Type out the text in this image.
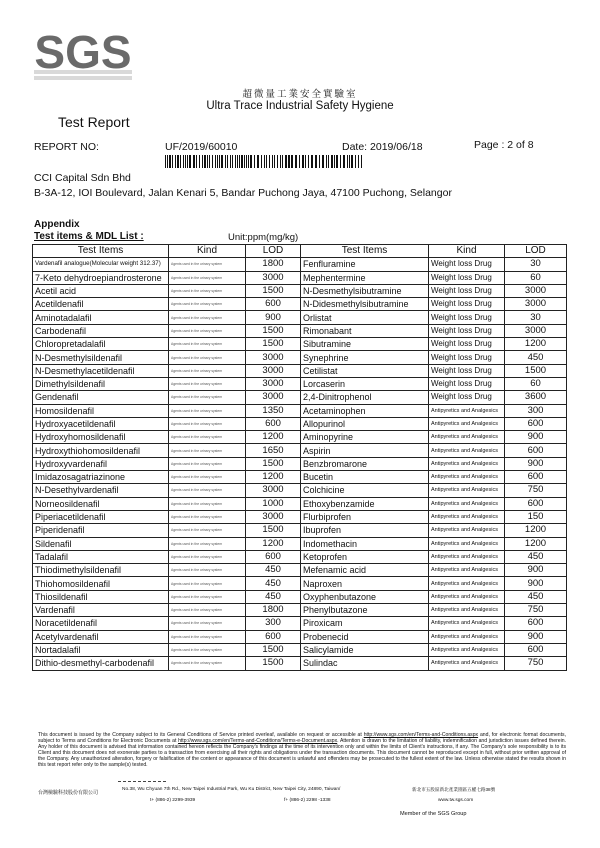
SGS
超微量工業安全實驗室
Ultra Trace Industrial Safety Hygiene
Test Report
REPORT NO:	UF/2019/60010	Date: 2019/06/18	Page : 2 of 8
CCI Capital Sdn Bhd
B-3A-12, IOI Boulevard, Jalan Kenari 5, Bandar Puchong Jaya, 47100 Puchong, Selangor
Appendix
Test items & MDL List :	Unit:ppm(mg/kg)
Test Items	Kind	LOD	Test Items	Kind	LOD
Vardenafil analogue(Molecular weight 312.37)	Agents used in the urinary system	1800	Fenfluramine	Weight loss Drug	30
7-Keto dehydroepiandrosterone	Agents used in the urinary system	3000	Mephentermine	Weight loss Drug	60
Acetil acid	Agents used in the urinary system	1500	N-Desmethylsibutramine	Weight loss Drug	3000
Acetildenafil	Agents used in the urinary system	600	N-Didesmethylsibutramine	Weight loss Drug	3000
Aminotadalafil	Agents used in the urinary system	900	Orlistat	Weight loss Drug	30
Carbodenafil	Agents used in the urinary system	1500	Rimonabant	Weight loss Drug	3000
Chloropretadalafil	Agents used in the urinary system	1500	Sibutramine	Weight loss Drug	1200
N-Desmethylsildenafil	Agents used in the urinary system	3000	Synephrine	Weight loss Drug	450
N-Desmethylacetildenafil	Agents used in the urinary system	3000	Cetilistat	Weight loss Drug	1500
Dimethylsildenafil	Agents used in the urinary system	3000	Lorcaserin	Weight loss Drug	60
Gendenafil	Agents used in the urinary system	3000	2,4-Dinitrophenol	Weight loss Drug	3600
Homosildenafil	Agents used in the urinary system	1350	Acetaminophen	Antipyretics and Analgesics	300
Hydroxyacetildenafil	Agents used in the urinary system	600	Allopurinol	Antipyretics and Analgesics	600
Hydroxyhomosildenafil	Agents used in the urinary system	1200	Aminopyrine	Antipyretics and Analgesics	900
Hydroxythiohomosildenafil	Agents used in the urinary system	1650	Aspirin	Antipyretics and Analgesics	600
Hydroxyvardenafil	Agents used in the urinary system	1500	Benzbromarone	Antipyretics and Analgesics	900
Imidazosagatriazinone	Agents used in the urinary system	1200	Bucetin	Antipyretics and Analgesics	600
N-Desethylvardenafil	Agents used in the urinary system	3000	Colchicine	Antipyretics and Analgesics	750
Norneosildenafil	Agents used in the urinary system	1000	Ethoxybenzamide	Antipyretics and Analgesics	600
Piperiacetildenafil	Agents used in the urinary system	3000	Flurbiprofen	Antipyretics and Analgesics	150
Piperidenafil	Agents used in the urinary system	1500	Ibuprofen	Antipyretics and Analgesics	1200
Sildenafil	Agents used in the urinary system	1200	Indomethacin	Antipyretics and Analgesics	1200
Tadalafil	Agents used in the urinary system	600	Ketoprofen	Antipyretics and Analgesics	450
Thiodimethylsildenafil	Agents used in the urinary system	450	Mefenamic acid	Antipyretics and Analgesics	900
Thiohomosildenafil	Agents used in the urinary system	450	Naproxen	Antipyretics and Analgesics	900
Thiosildenafil	Agents used in the urinary system	450	Oxyphenbutazone	Antipyretics and Analgesics	450
Vardenafil	Agents used in the urinary system	1800	Phenylbutazone	Antipyretics and Analgesics	750
Noracetildenafil	Agents used in the urinary system	300	Piroxicam	Antipyretics and Analgesics	600
Acetylvardenafil	Agents used in the urinary system	600	Probenecid	Antipyretics and Analgesics	900
Nortadalafil	Agents used in the urinary system	1500	Salicylamide	Antipyretics and Analgesics	600
Dithio-desmethyl-carbodenafil	Agents used in the urinary system	1500	Sulindac	Antipyretics and Analgesics	750
This document is issued by the Company subject to its General Conditions of Service printed overleaf, available on request or accessible at http://www.sgs.com/en/Terms-and-Conditions.aspx and, for electronic format documents, subject to Terms and Conditions for Electronic Documents at http://www.sgs.com/en/Terms-and-Conditions/Terms-e-Document.aspx. Attention is drawn to the limitation of liability, indemnification and jurisdiction issues defined therein. Any holder of this document is advised that information contained hereon reflects the Company's findings at the time of its intervention only and within the limits of Client's instructions, if any. The Company's sole responsibility is to its Client and this document does not exonerate parties to a transaction from exercising all their rights and obligations under the transaction documents. This document cannot be reproduced except in full, without prior written approval of the Company. Any unauthorized alteration, forgery or falsification of the content or appearance of this document is unlawful and offenders may be prosecuted to the fullest extent of the law. Unless otherwise stated the results shown in this test report refer only to the sample(s) tested.
台灣檢驗科技股份有限公司
No.38, Wu Chyuan 7th Rd., New Taipei Industrial Park, Wu Ku District, New Taipei City, 24890, Taiwan/	新北市五股區新北產業園區五權七路38號
t+ (886-2) 2299-3939	f+ (886-2) 2298 -1338	www.tw.sgs.com
Member of the SGS Group
